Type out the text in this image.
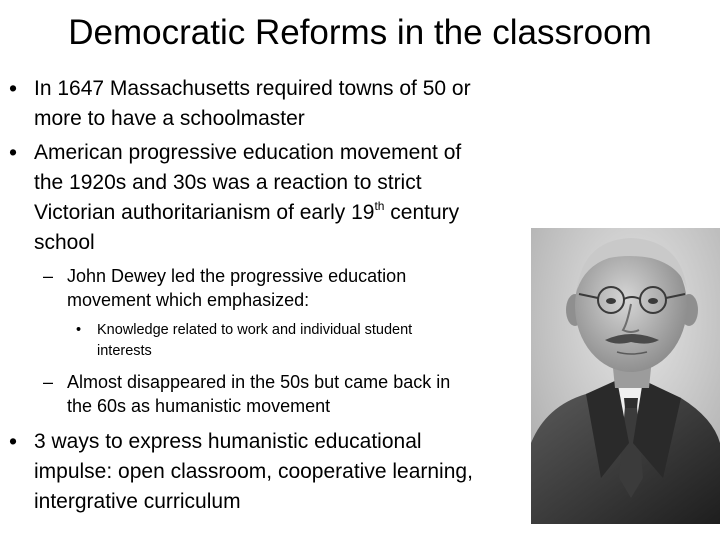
Democratic Reforms in the classroom
• In 1647 Massachusetts required towns of 50 or
more to have a schoolmaster
• American progressive education movement of
the 1920s and 30s was a reaction to strict
Victorian authoritarianism of early 19th century
school
– John Dewey led the progressive education
movement which emphasized:
• Knowledge related to work and individual student
interests
– Almost disappeared in the 50s but came back in
the 60s as humanistic movement
• 3 ways to express humanistic educational
impulse: open classroom, cooperative learning,
intergrative curriculum
